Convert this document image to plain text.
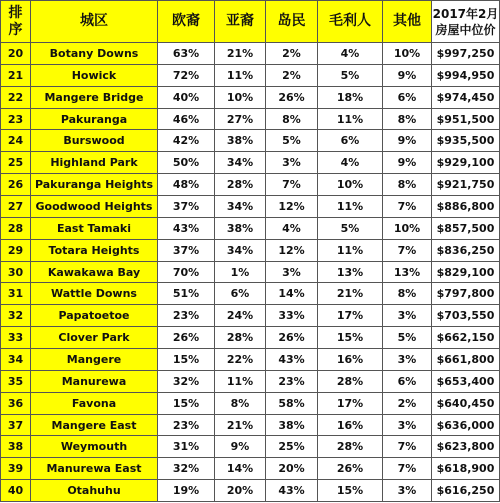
排
序	城区	欧裔	亚裔	岛民	毛利人	其他	2017年2月
房屋中位价

20	Botany Downs	63%	21%	2%	4%	10%	$997,250
21	Howick	72%	11%	2%	5%	9%	$994,950
22	Mangere Bridge	40%	10%	26%	18%	6%	$974,450
23	Pakuranga	46%	27%	8%	11%	8%	$951,500
24	Burswood	42%	38%	5%	6%	9%	$935,500
25	Highland Park	50%	34%	3%	4%	9%	$929,100
26	Pakuranga Heights	48%	28%	7%	10%	8%	$921,750
27	Goodwood Heights	37%	34%	12%	11%	7%	$886,800
28	East Tamaki	43%	38%	4%	5%	10%	$857,500
29	Totara Heights	37%	34%	12%	11%	7%	$836,250
30	Kawakawa Bay	70%	1%	3%	13%	13%	$829,100
31	Wattle Downs	51%	6%	14%	21%	8%	$797,800
32	Papatoetoe	23%	24%	33%	17%	3%	$703,550
33	Clover Park	26%	28%	26%	15%	5%	$662,150
34	Mangere	15%	22%	43%	16%	3%	$661,800
35	Manurewa	32%	11%	23%	28%	6%	$653,400
36	Favona	15%	8%	58%	17%	2%	$640,450
37	Mangere East	23%	21%	38%	16%	3%	$636,000
38	Weymouth	31%	9%	25%	28%	7%	$623,800
39	Manurewa East	32%	14%	20%	26%	7%	$618,900
40	Otahuhu	19%	20%	43%	15%	3%	$616,250
